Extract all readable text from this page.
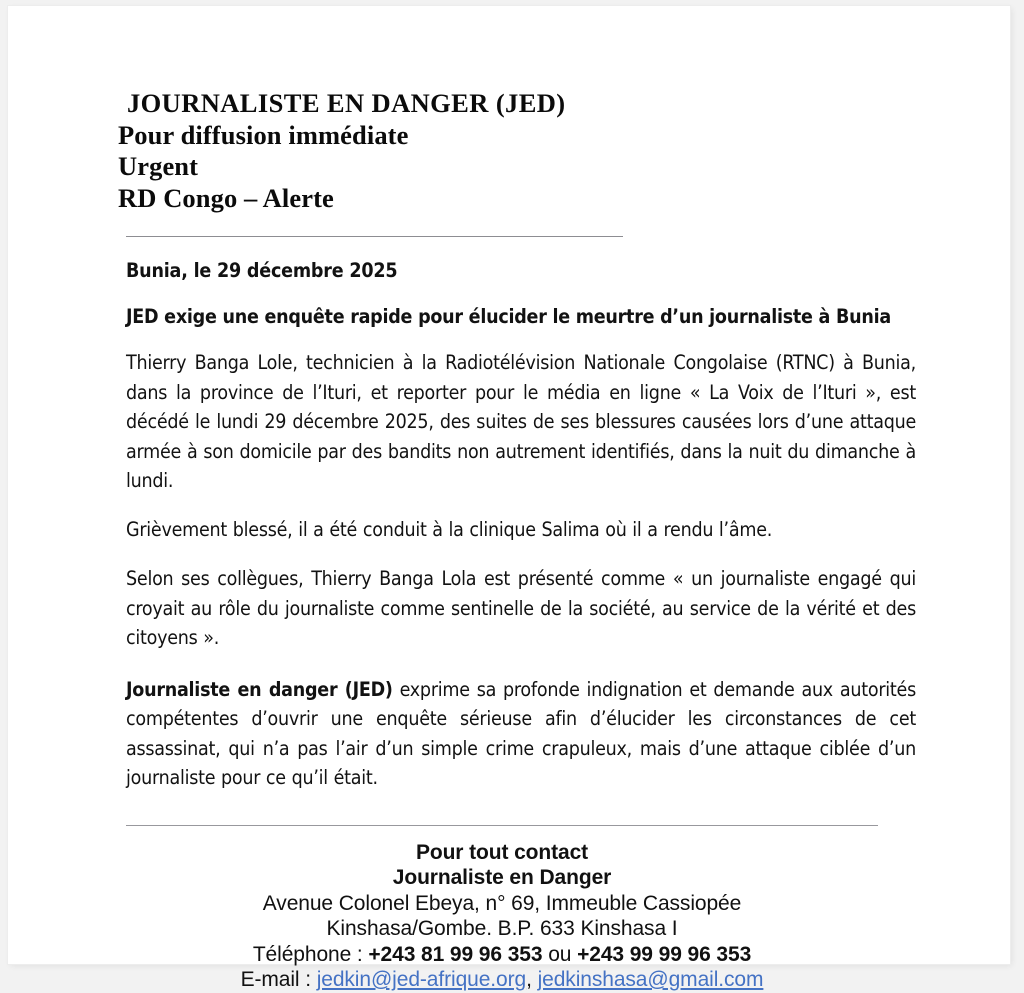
JOURNALISTE EN DANGER (JED)
Pour diffusion immédiate
Urgent
RD Congo – Alerte
Bunia, le 29 décembre 2025
JED exige une enquête rapide pour élucider le meurtre d’un journaliste à Bunia

Thierry Banga Lole, technicien à la Radiotélévision Nationale Congolaise (RTNC) à Bunia, dans la province de l’Ituri, et reporter pour le média en ligne « La Voix de l’Ituri », est décédé le lundi 29 décembre 2025, des suites de ses blessures causées lors d’une attaque armée à son domicile par des bandits non autrement identifiés, dans la nuit du dimanche à lundi.

Grièvement blessé, il a été conduit à la clinique Salima où il a rendu l’âme.

Selon ses collègues, Thierry Banga Lola est présenté comme « un journaliste engagé qui croyait au rôle du journaliste comme sentinelle de la société, au service de la vérité et des citoyens ».

Journaliste en danger (JED) exprime sa profonde indignation et demande aux autorités compétentes d’ouvrir une enquête sérieuse afin d’élucider les circonstances de cet assassinat, qui n’a pas l’air d’un simple crime crapuleux, mais d’une attaque ciblée d’un journaliste pour ce qu’il était.

Pour tout contact
Journaliste en Danger
Avenue Colonel Ebeya, n° 69, Immeuble Cassiopée
Kinshasa/Gombe. B.P. 633 Kinshasa I
Téléphone : +243 81 99 96 353 ou +243 99 99 96 353
E-mail : jedkin@jed-afrique.org, jedkinshasa@gmail.com
